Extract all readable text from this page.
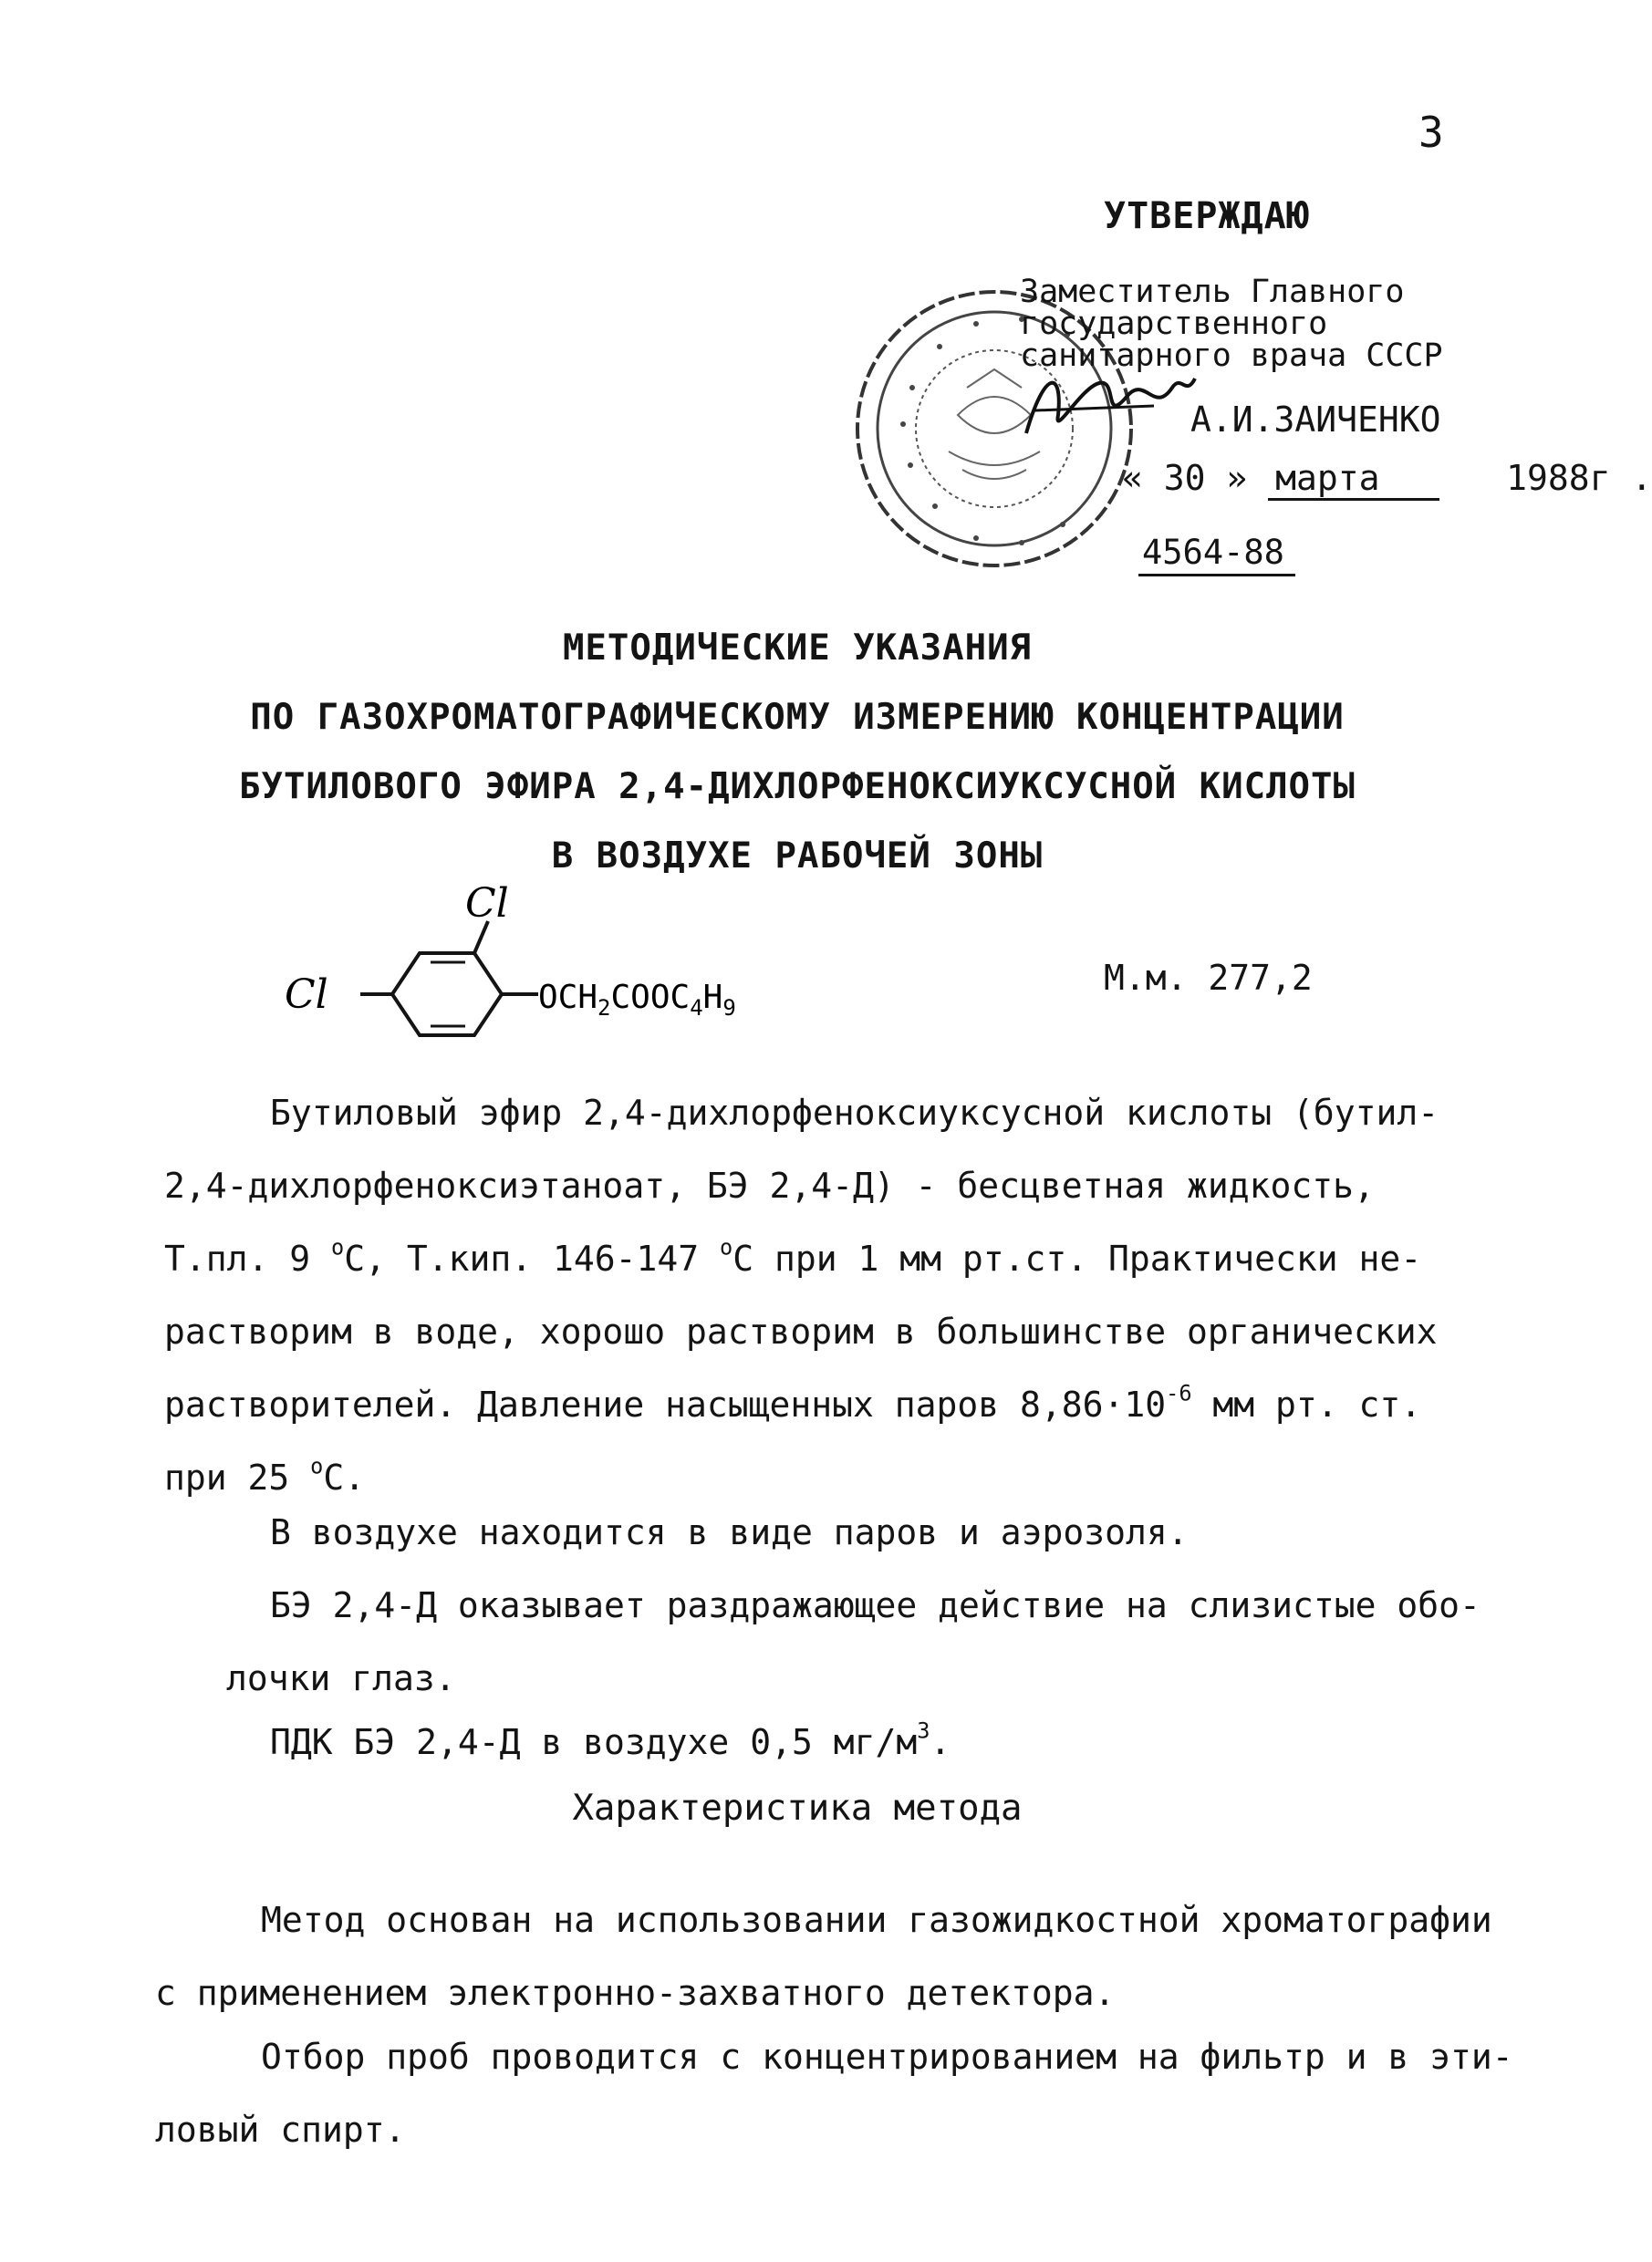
3
УТВЕРЖДАЮ
Заместитель Главного
государственного
санитарного врача СССР
А.И.ЗАИЧЕНКО
« 30 » марта	1988г .
4564-88
МЕТОДИЧЕСКИЕ УКАЗАНИЯ
ПО ГАЗОХРОМАТОГРАФИЧЕСКОМУ ИЗМЕРЕНИЮ КОНЦЕНТРАЦИИ
БУТИЛОВОГО ЭФИРА 2,4-ДИХЛОРФЕНОКСИУКСУСНОЙ КИСЛОТЫ
В ВОЗДУХЕ РАБОЧЕЙ ЗОНЫ
Cl
Cl	$OCH_2COOC_4H_9$
М.м. 277,2
Бутиловый эфир 2,4-дихлорфеноксиуксусной кислоты (бутил-
2,4-дихлорфеноксиэтаноат, БЭ 2,4-Д) - бесцветная жидкость,
Т.пл. 9 $^о$С, Т.кип. 146-147 $^о$С при 1 мм рт.ст. Практически не-
растворим в воде, хорошо растворим в большинстве органических
растворителей. Давление насыщенных паров $8,86\cdot 10^{-6}$ мм рт. ст.
при 25 $^о$С.
В воздухе находится в виде паров и аэрозоля.
БЭ 2,4-Д оказывает раздражающее действие на слизистые обо-
лочки глаз.
ПДК БЭ 2,4-Д в воздухе 0,5 $мг/м^3$.
Характеристика метода
Метод основан на использовании газожидкостной хроматографии
с применением электронно-захватного детектора.
Отбор проб проводится с концентрированием на фильтр и в эти-
ловый спирт.
